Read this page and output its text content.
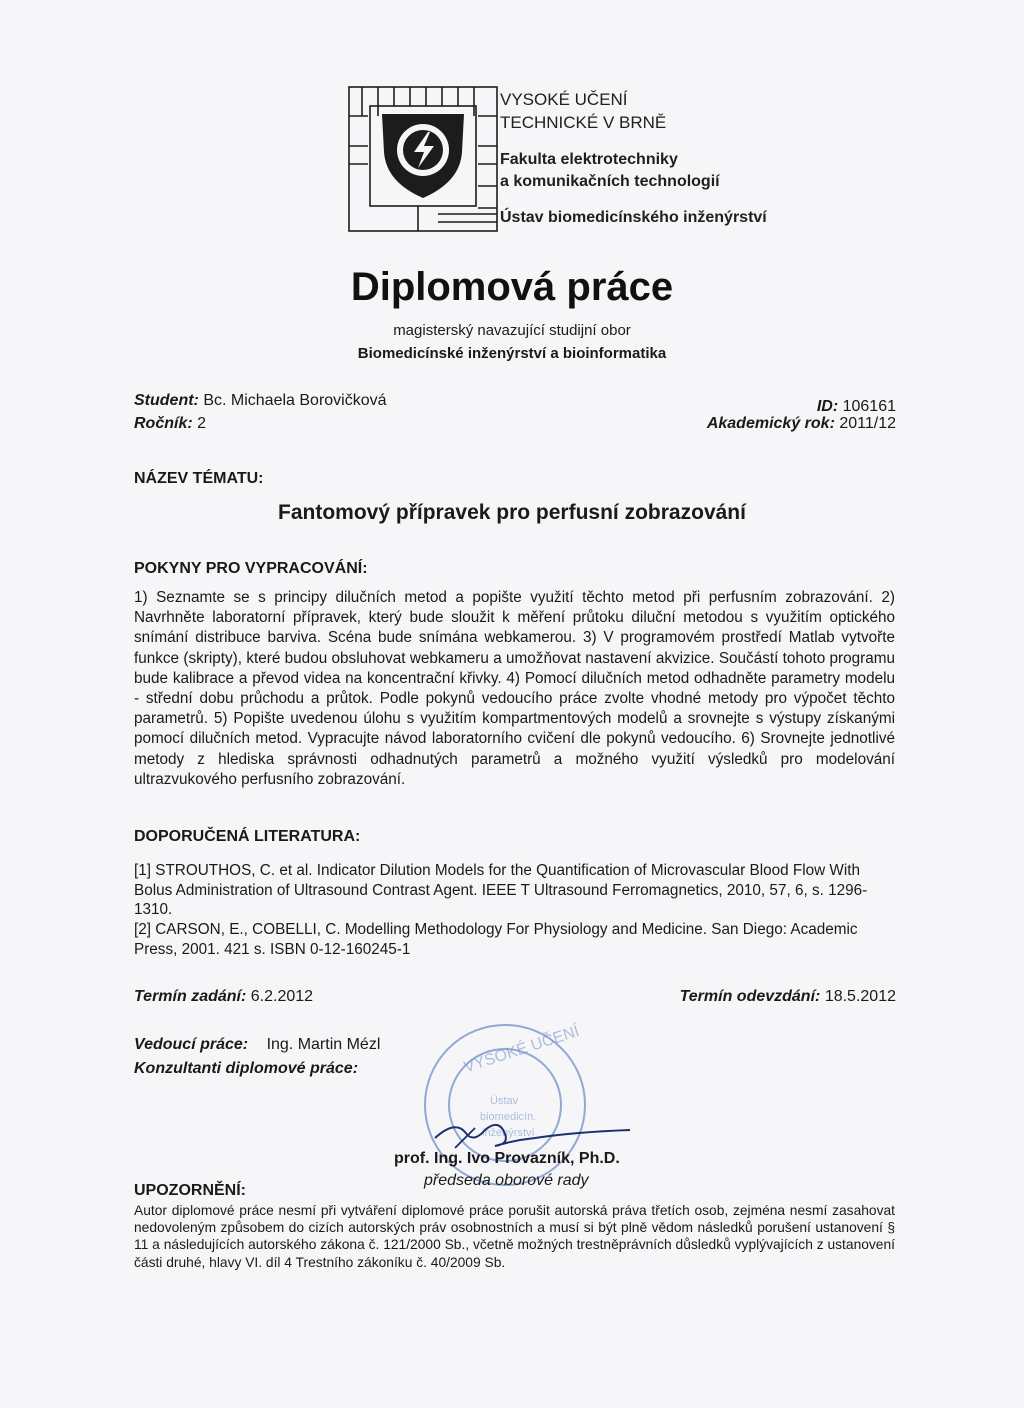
VYSOKÉ UČENÍ
TECHNICKÉ V BRNĚ
Fakulta elektrotechniky
a komunikačních technologií
Ústav biomedicínského inženýrství
Diplomová práce
magisterský navazující studijní obor
Biomedicínské inženýrství a bioinformatika
Student: Bc. Michaela Borovičková
Ročník: 2
ID: 106161
Akademický rok: 2011/12
NÁZEV TÉMATU:
Fantomový přípravek pro perfusní zobrazování
POKYNY PRO VYPRACOVÁNÍ:
1) Seznamte se s principy dilučních metod a popište využití těchto metod při perfusním zobrazování. 2) Navrhněte laboratorní přípravek, který bude sloužit k měření průtoku diluční metodou s využitím optického snímání distribuce barviva. Scéna bude snímána webkamerou. 3) V programovém prostředí Matlab vytvořte funkce (skripty), které budou obsluhovat webkameru a umožňovat nastavení akvizice. Součástí tohoto programu bude kalibrace a převod videa na koncentrační křivky. 4) Pomocí dilučních metod odhadněte parametry modelu - střední dobu průchodu a průtok. Podle pokynů vedoucího práce zvolte vhodné metody pro výpočet těchto parametrů. 5) Popište uvedenou úlohu s využitím kompartmentových modelů a srovnejte s výstupy získanými pomocí dilučních metod. Vypracujte návod laboratorního cvičení dle pokynů vedoucího. 6) Srovnejte jednotlivé metody z hlediska správnosti odhadnutých parametrů a možného využití výsledků pro modelování ultrazvukového perfusního zobrazování.
DOPORUČENÁ LITERATURA:
[1] STROUTHOS, C. et al. Indicator Dilution Models for the Quantification of Microvascular Blood Flow With Bolus Administration of Ultrasound Contrast Agent. IEEE T Ultrasound Ferromagnetics, 2010, 57, 6, s. 1296-1310.
[2] CARSON, E., COBELLI, C. Modelling Methodology For Physiology and Medicine. San Diego: Academic Press, 2001. 421 s. ISBN 0-12-160245-1
Termín zadání: 6.2.2012	Termín odevzdání: 18.5.2012
Vedoucí práce: Ing. Martin Mézl
Konzultanti diplomové práce:	VYSOKÉ UČENÍ
Ústav
biomedicín.
inženýrství
prof. Ing. Ivo Provazník, Ph.D.
předseda oborové rady
UPOZORNĚNÍ:
Autor diplomové práce nesmí při vytváření diplomové práce porušit autorská práva třetích osob, zejména nesmí zasahovat nedovoleným způsobem do cizích autorských práv osobnostních a musí si být plně vědom následků porušení ustanovení § 11 a následujících autorského zákona č. 121/2000 Sb., včetně možných trestněprávních důsledků vyplývajících z ustanovení části druhé, hlavy VI. díl 4 Trestního zákoníku č. 40/2009 Sb.
